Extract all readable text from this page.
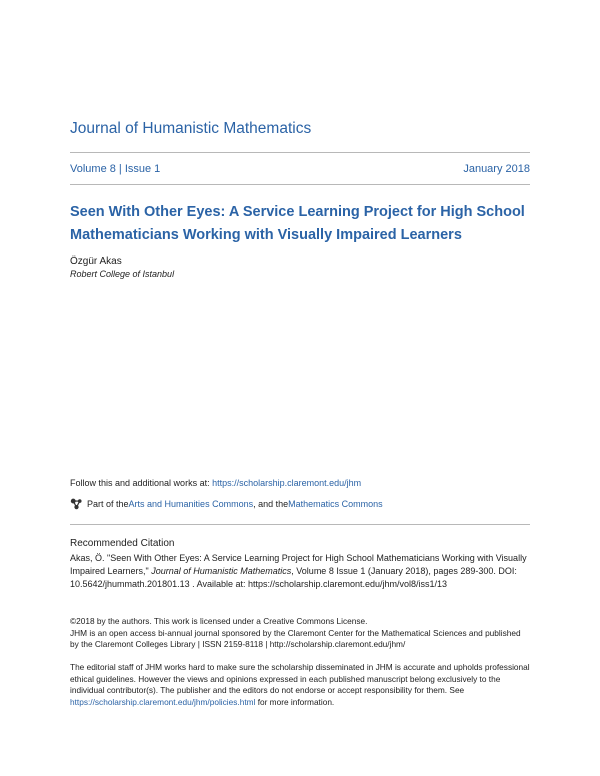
Journal of Humanistic Mathematics
Volume 8 | Issue 1	January 2018
Seen With Other Eyes: A Service Learning Project for High School Mathematicians Working with Visually Impaired Learners
Özgür Akas
Robert College of Istanbul
Follow this and additional works at: https://scholarship.claremont.edu/jhm
Part of the Arts and Humanities Commons , and the Mathematics Commons
Recommended Citation
Akas, Ö. "Seen With Other Eyes: A Service Learning Project for High School Mathematicians Working with Visually Impaired Learners," Journal of Humanistic Mathematics, Volume 8 Issue 1 (January 2018), pages 289-300. DOI: 10.5642/jhummath.201801.13 . Available at: https://scholarship.claremont.edu/jhm/vol8/iss1/13

©2018 by the authors. This work is licensed under a Creative Commons License.

JHM is an open access bi-annual journal sponsored by the Claremont Center for the Mathematical Sciences and published by the Claremont Colleges Library | ISSN 2159-8118 | http://scholarship.claremont.edu/jhm/

The editorial staff of JHM works hard to make sure the scholarship disseminated in JHM is accurate and upholds professional ethical guidelines. However the views and opinions expressed in each published manuscript belong exclusively to the individual contributor(s). The publisher and the editors do not endorse or accept responsibility for them. See https://scholarship.claremont.edu/jhm/policies.html for more information.
